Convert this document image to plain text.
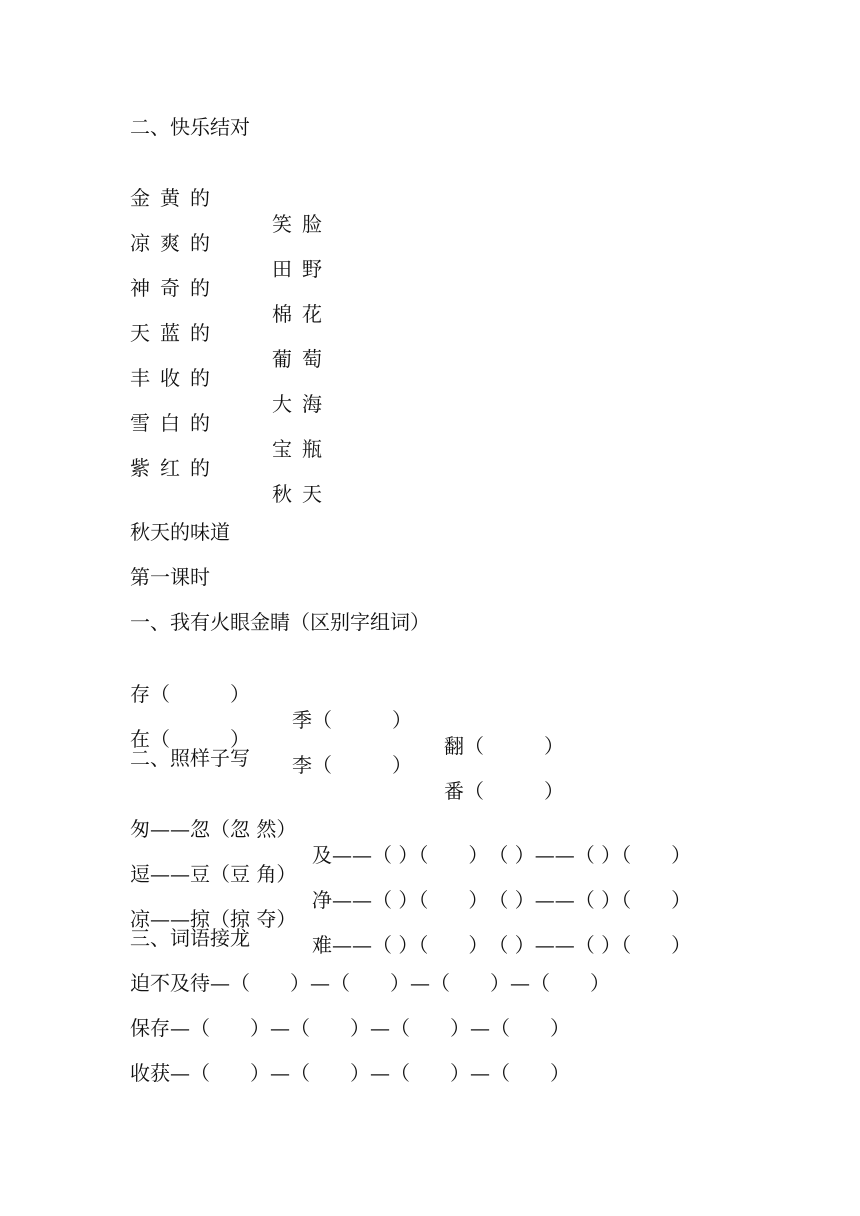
二、快乐结对

金黄的

笑脸

凉爽的

田野

神奇的

棉花

天蓝的

葡萄

丰收的

大海

雪白的

宝瓶

紫红的

秋天

秋天的味道
第一课时
一、我有火眼金睛（区别字组词）

存（　　　）

季（　　　）

翻（　　　）

在（　　　）

李（　　　）

番（　　　）

二、照样子写

匆——忽（忽 然）

及——（ ）（　　）　（ ）——（ ）（　　）

逗——豆（豆 角）

净——（ ）（　　）　（ ）——（ ）（　　）

凉——掠（掠 夺）

难——（ ）（　　）　（ ）——（ ）（　　）

三、词语接龙
迫不及待—（　　）—（　　）—（　　）—（　　）
保存—（　　）—（　　）—（　　）—（　　）
收获—（　　）—（　　）—（　　）—（　　）
